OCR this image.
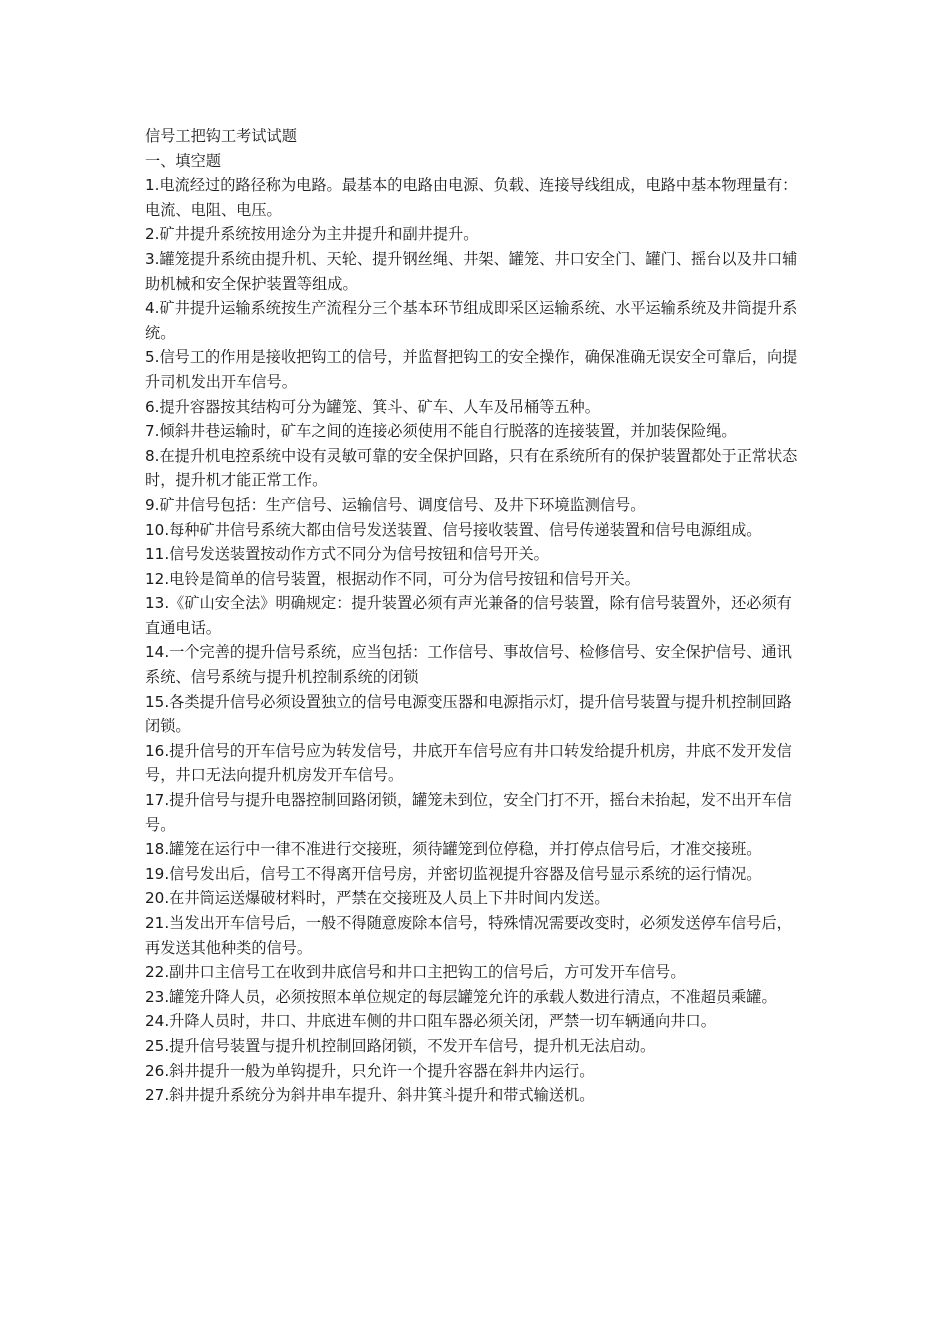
信号工把钩工考试试题

一、填空题

1.电流经过的路径称为电路。最基本的电路由电源、负载、连接导线组成，电路中基本物理量有：电流、电阻、电压。

2.矿井提升系统按用途分为主井提升和副井提升。

3.罐笼提升系统由提升机、天轮、提升钢丝绳、井架、罐笼、井口安全门、罐门、摇台以及井口辅助机械和安全保护装置等组成。

4.矿井提升运输系统按生产流程分三个基本环节组成即采区运输系统、水平运输系统及井筒提升系统。

5.信号工的作用是接收把钩工的信号，并监督把钩工的安全操作，确保准确无误安全可靠后，向提升司机发出开车信号。

6.提升容器按其结构可分为罐笼、箕斗、矿车、人车及吊桶等五种。

7.倾斜井巷运输时，矿车之间的连接必须使用不能自行脱落的连接装置，并加装保险绳。

8.在提升机电控系统中设有灵敏可靠的安全保护回路，只有在系统所有的保护装置都处于正常状态时，提升机才能正常工作。

9.矿井信号包括：生产信号、运输信号、调度信号、及井下环境监测信号。

10.每种矿井信号系统大都由信号发送装置、信号接收装置、信号传递装置和信号电源组成。

11.信号发送装置按动作方式不同分为信号按钮和信号开关。

12.电铃是简单的信号装置，根据动作不同，可分为信号按钮和信号开关。

13.《矿山安全法》明确规定：提升装置必须有声光兼备的信号装置，除有信号装置外，还必须有直通电话。

14.一个完善的提升信号系统，应当包括：工作信号、事故信号、检修信号、安全保护信号、通讯系统、信号系统与提升机控制系统的闭锁

15.各类提升信号必须设置独立的信号电源变压器和电源指示灯，提升信号装置与提升机控制回路闭锁。

16.提升信号的开车信号应为转发信号，井底开车信号应有井口转发给提升机房，井底不发开发信号，井口无法向提升机房发开车信号。

17.提升信号与提升电器控制回路闭锁，罐笼未到位，安全门打不开，摇台未抬起，发不出开车信号。

18.罐笼在运行中一律不准进行交接班，须待罐笼到位停稳，并打停点信号后，才准交接班。

19.信号发出后，信号工不得离开信号房，并密切监视提升容器及信号显示系统的运行情况。

20.在井筒运送爆破材料时，严禁在交接班及人员上下井时间内发送。

21.当发出开车信号后，一般不得随意废除本信号，特殊情况需要改变时，必须发送停车信号后，再发送其他种类的信号。

22.副井口主信号工在收到井底信号和井口主把钩工的信号后，方可发开车信号。

23.罐笼升降人员，必须按照本单位规定的每层罐笼允许的承载人数进行清点，不准超员乘罐。

24.升降人员时，井口、井底进车侧的井口阻车器必须关闭，严禁一切车辆通向井口。

25.提升信号装置与提升机控制回路闭锁，不发开车信号，提升机无法启动。

26.斜井提升一般为单钩提升，只允许一个提升容器在斜井内运行。

27.斜井提升系统分为斜井串车提升、斜井箕斗提升和带式输送机。
